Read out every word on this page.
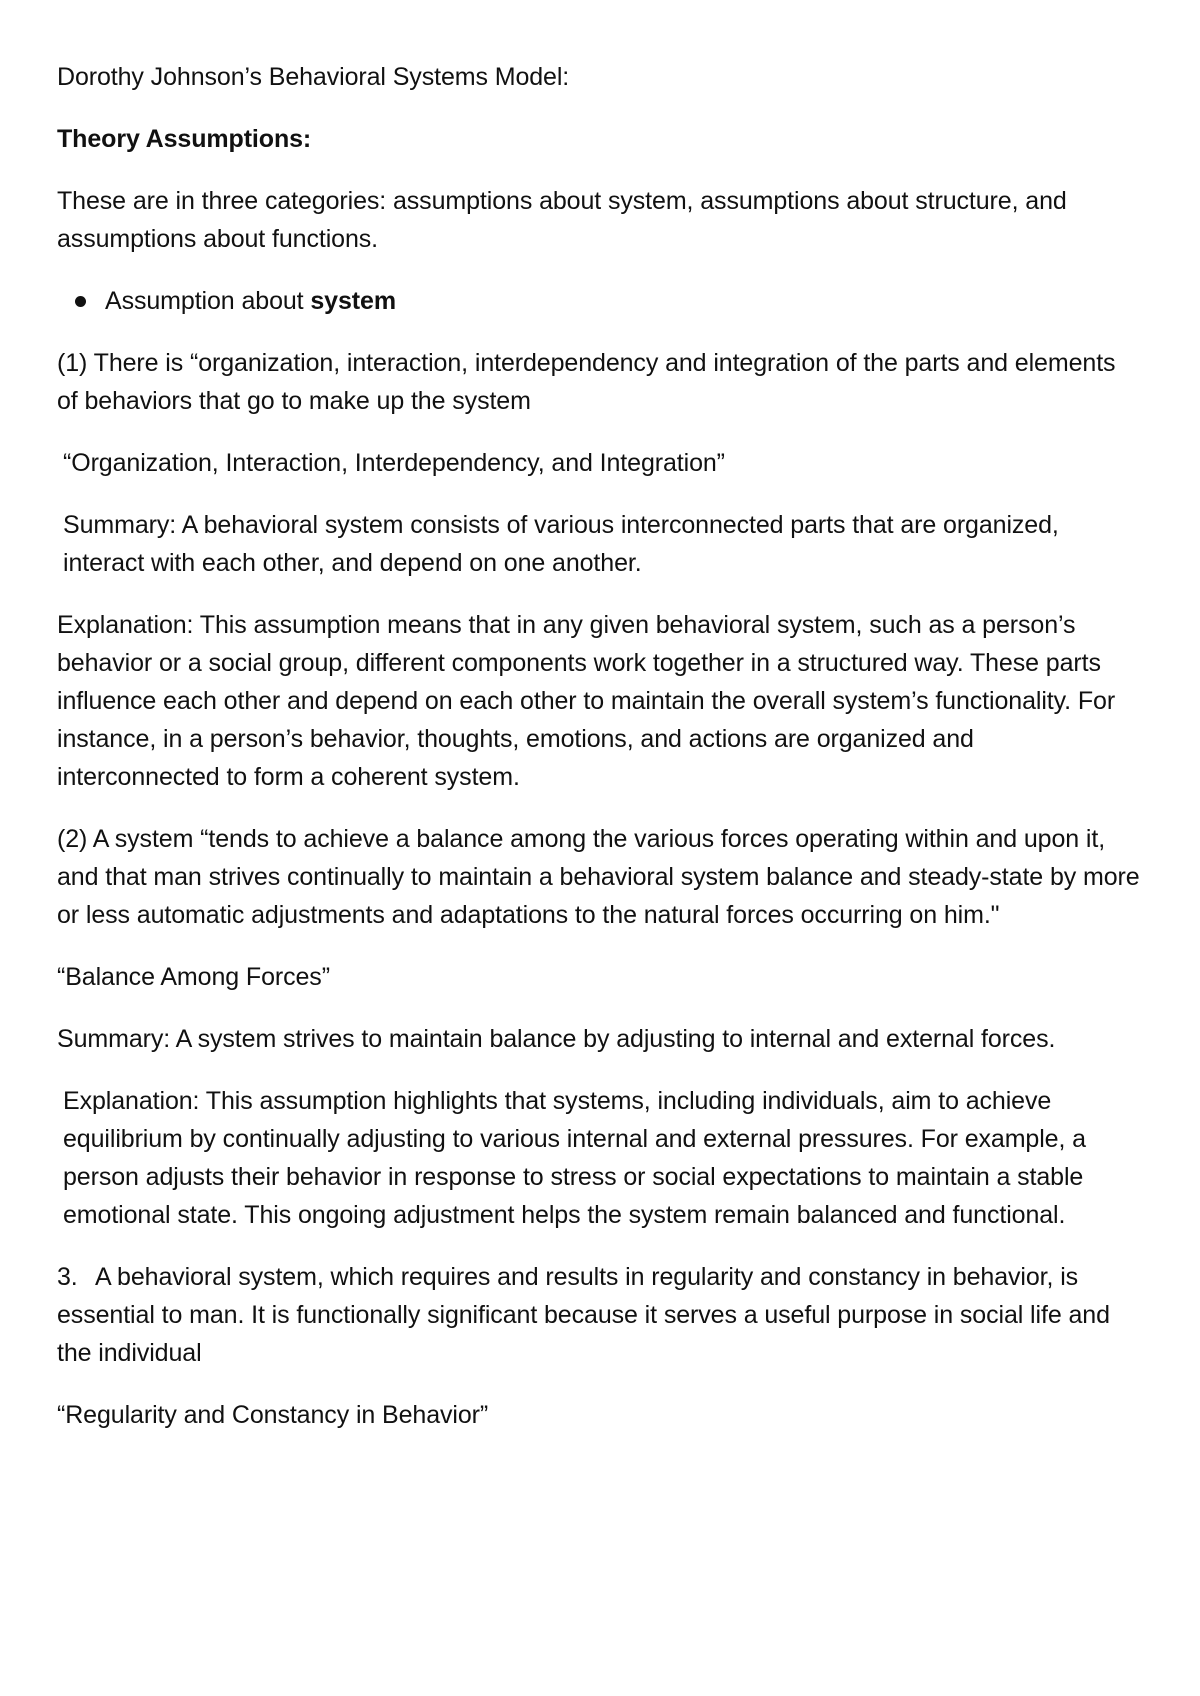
Dorothy Johnson’s Behavioral Systems Model:

Theory Assumptions:

These are in three categories: assumptions about system, assumptions about structure, and assumptions about functions.

Assumption about system

(1) There is “organization, interaction, interdependency and integration of the parts and elements of behaviors that go to make up the system

“Organization, Interaction, Interdependency, and Integration”

Summary: A behavioral system consists of various interconnected parts that are organized, interact with each other, and depend on one another.

Explanation: This assumption means that in any given behavioral system, such as a person’s behavior or a social group, different components work together in a structured way. These parts influence each other and depend on each other to maintain the overall system’s functionality. For instance, in a person’s behavior, thoughts, emotions, and actions are organized and interconnected to form a coherent system.

(2) A system “tends to achieve a balance among the various forces operating within and upon it, and that man strives continually to maintain a behavioral system balance and steady-state by more or less automatic adjustments and adaptations to the natural forces occurring on him."

“Balance Among Forces”

Summary: A system strives to maintain balance by adjusting to internal and external forces.

Explanation: This assumption highlights that systems, including individuals, aim to achieve equilibrium by continually adjusting to various internal and external pressures. For example, a person adjusts their behavior in response to stress or social expectations to maintain a stable emotional state. This ongoing adjustment helps the system remain balanced and functional.

3. A behavioral system, which requires and results in regularity and constancy in behavior, is essential to man. It is functionally significant because it serves a useful purpose in social life and the individual

“Regularity and Constancy in Behavior”
